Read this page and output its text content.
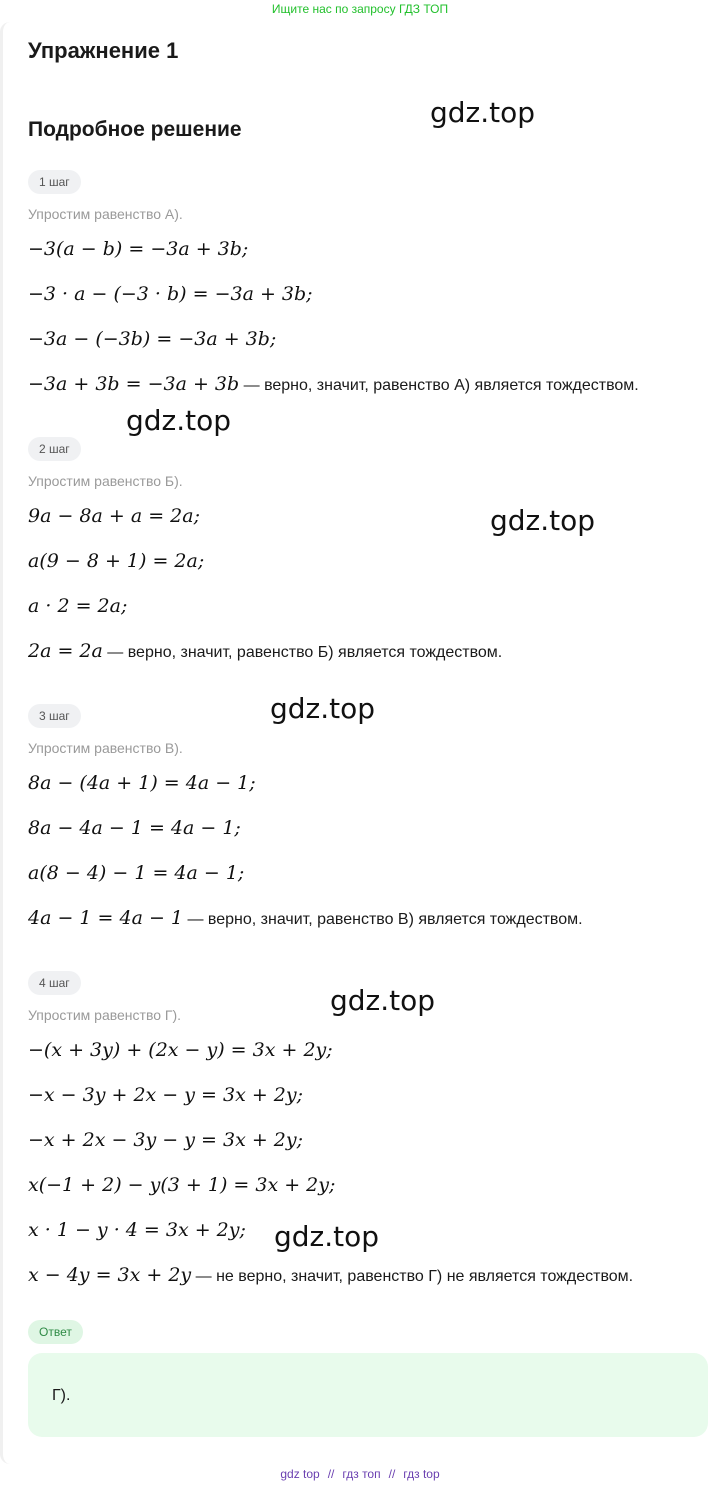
Ищите нас по запросу ГДЗ ТОП
Упражнение 1
Подробное решение
1 шаг
Упростим равенство А).
−3(a − b) = −3a + 3b;
−3 · a − (−3 · b) = −3a + 3b;
−3a − (−3b) = −3a + 3b;
−3a + 3b = −3a + 3b — верно, значит, равенство А) является тождеством.
2 шаг
Упростим равенство Б).
9a − 8a + a = 2a;
a(9 − 8 + 1) = 2a;
a · 2 = 2a;
2a = 2a — верно, значит, равенство Б) является тождеством.
3 шаг
Упростим равенство В).
8a − (4a + 1) = 4a − 1;
8a − 4a − 1 = 4a − 1;
a(8 − 4) − 1 = 4a − 1;
4a − 1 = 4a − 1 — верно, значит, равенство В) является тождеством.
4 шаг
Упростим равенство Г).
−(x + 3y) + (2x − y) = 3x + 2y;
−x − 3y + 2x − y = 3x + 2y;
−x + 2x − 3y − y = 3x + 2y;
x(−1 + 2) − y(3 + 1) = 3x + 2y;
x · 1 − y · 4 = 3x + 2y;
x − 4y = 3x + 2y — не верно, значит, равенство Г) не является тождеством.
gdz.top
gdz.top
gdz.top
gdz.top
gdz.top
gdz.top
Ответ
Г).
gdz top // гдз топ // гдз top
